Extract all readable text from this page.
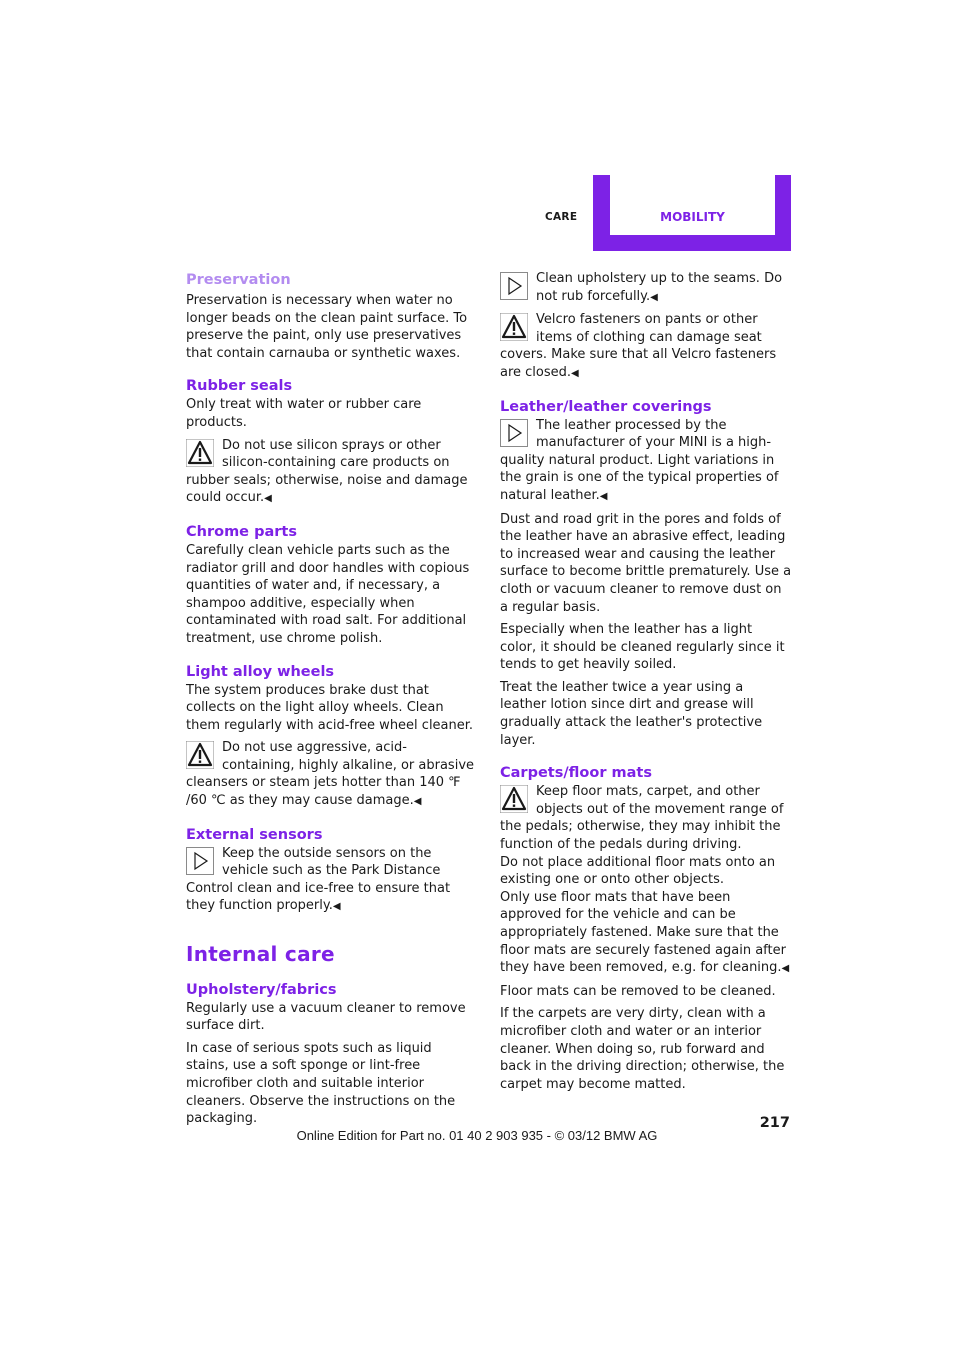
CARE	MOBILITY
Preservation

Preservation is necessary when water no longer beads on the clean paint surface. To preserve the paint, only use preservatives that contain carnauba or synthetic waxes.

Rubber seals

Only treat with water or rubber care products.

Do not use silicon sprays or other silicon-containing care products on rubber seals; otherwise, noise and damage could occur.◀
Chrome parts

Carefully clean vehicle parts such as the radiator grill and door handles with copious quantities of water and, if necessary, a shampoo additive, especially when contaminated with road salt. For additional treatment, use chrome polish.

Light alloy wheels

The system produces brake dust that collects on the light alloy wheels. Clean them regularly with acid-free wheel cleaner.

Do not use aggressive, acid-containing, highly alkaline, or abrasive cleansers or steam jets hotter than 140 ℉ /60 ℃ as they may cause damage.◀
External sensors
Keep the outside sensors on the vehicle such as the Park Distance Control clean and ice-free to ensure that they function properly.◀
Internal care
Upholstery/fabrics

Regularly use a vacuum cleaner to remove surface dirt.

In case of serious spots such as liquid stains, use a soft sponge or lint-free microfiber cloth and suitable interior cleaners. Observe the instructions on the packaging.

Clean upholstery up to the seams. Do not rub forcefully.◀
Velcro fasteners on pants or other items of clothing can damage seat covers. Make sure that all Velcro fasteners are closed.◀
Leather/leather coverings
The leather processed by the manufacturer of your MINI is a high-quality natural product. Light variations in the grain is one of the typical properties of natural leather.◀

Dust and road grit in the pores and folds of the leather have an abrasive effect, leading to increased wear and causing the leather surface to become brittle prematurely. Use a cloth or vacuum cleaner to remove dust on a regular basis.

Especially when the leather has a light color, it should be cleaned regularly since it tends to get heavily soiled.

Treat the leather twice a year using a leather lotion since dirt and grease will gradually attack the leather's protective layer.

Carpets/floor mats
Keep floor mats, carpet, and other objects out of the movement range of the pedals; otherwise, they may inhibit the function of the pedals during driving.

Do not place additional floor mats onto an existing one or onto other objects.

Only use floor mats that have been approved for the vehicle and can be appropriately fastened. Make sure that the floor mats are securely fastened again after they have been removed, e.g. for cleaning.◀

Floor mats can be removed to be cleaned.

If the carpets are very dirty, clean with a microfiber cloth and water or an interior cleaner. When doing so, rub forward and back in the driving direction; otherwise, the carpet may become matted.

217
Online Edition for Part no. 01 40 2 903 935 - © 03/12 BMW AG
